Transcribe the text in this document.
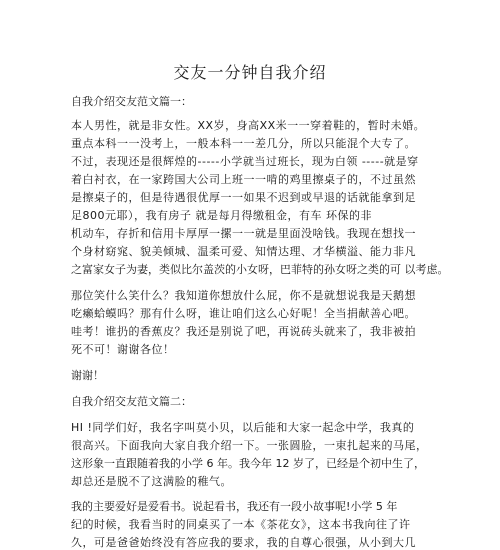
交友一分钟自我介绍
自我介绍交友范文篇一：
本人男性，就是非女性。XX岁，身高XX米一一穿着鞋的，暂时未婚。
重点本科一一没考上，一般本科一一差几分，所以只能混个大专了。
不过，表现还是很辉煌的-----小学就当过班长，现为白领 -----就是穿
着白衬衣，在一家跨国大公司上班一一啃的鸡里擦桌子的，不过虽然
是擦桌子的，但是待遇很优厚一一如果不迟到或早退的话就能拿到足
足800元耶），我有房子 就是每月得缴租金，有车 环保的非
机动车，存折和信用卡厚厚一摞一一就是里面没啥钱。我现在想找一
个身材窈窕、貌美倾城、温柔可爱、知情达理、才华横溢、能力非凡
之富家女子为妻，类似比尔盖茨的小女呀，巴菲特的孙女呀之类的可 以考虑。
那位笑什么笑什么？我知道你想放什么屁，你不是就想说我是天鹅想
吃癞蛤蟆吗？那有什么呀，谁让咱们这么心好呢！全当捐献善心吧。
哇考！谁扔的香蕉皮？我还是别说了吧，再说砖头就来了，我非被拍
死不可！谢谢各位！
谢谢！
自我介绍交友范文篇二：
HI !同学们好，我名字叫莫小贝，以后能和大家一起念中学，我真的
很高兴。下面我向大家自我介绍一下。一张圆脸，一束扎起来的马尾，
这形象一直跟随着我的小学 6 年。我今年 12 岁了，已经是个初中生了，
却总还是脱不了这满脸的稚气。
我的主要爱好是爱看书。说起看书，我还有一段小故事呢!小学 5 年
纪的时候，我看当时的同桌买了一本《茶花女》，这本书我向往了许
久，可是爸爸始终没有答应我的要求，我的自尊心很强，从小到大几
